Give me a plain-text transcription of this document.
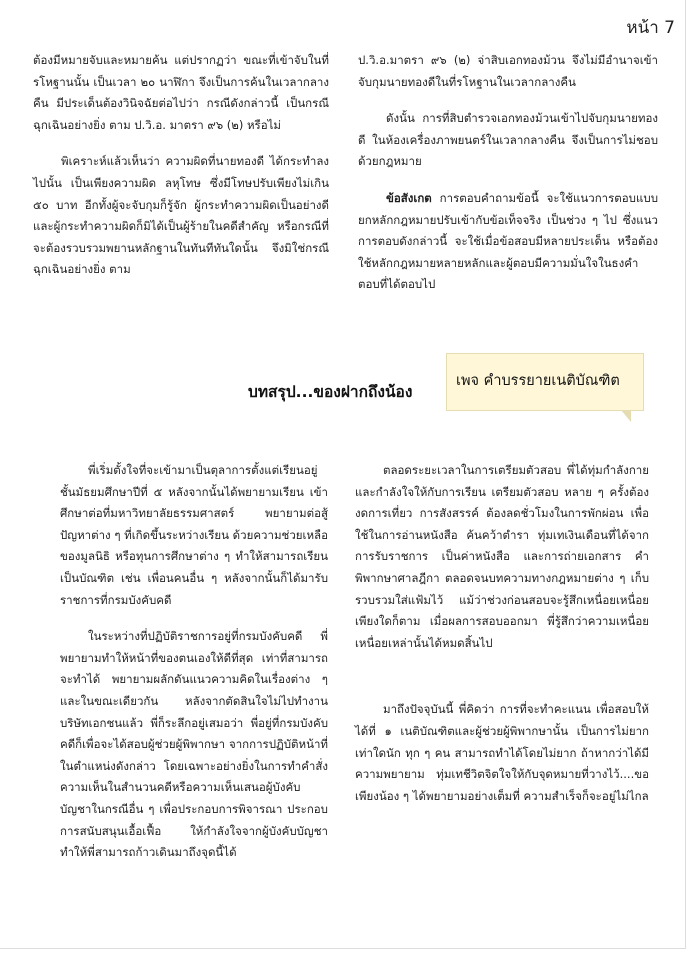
หน้า 7

ต้องมีหมายจับและหมายค้น แต่ปรากฏว่า ขณะที่เข้าจับในที่รโหฐานนั้น เป็นเวลา ๒๐ นาฬิกา จึงเป็นการค้นในเวลากลางคืน มีประเด็นต้องวินิจฉัยต่อไปว่า กรณีดังกล่าวนี้ เป็นกรณีฉุกเฉินอย่างยิ่ง ตาม ป.วิ.อ. มาตรา ๙๖ (๒) หรือไม่

พิเคราะห์แล้วเห็นว่า ความผิดที่นายทองดี ได้กระทำลงไปนั้น เป็นเพียงความผิด ลหุโทษ ซึ่งมีโทษปรับเพียงไม่เกิน ๕๐ บาท อีกทั้งผู้จะจับกุมก็รู้จัก ผู้กระทำความผิดเป็นอย่างดี และผู้กระทำความผิดก็มิได้เป็นผู้ร้ายในคดีสำคัญ หรือกรณีที่จะต้องรวบรวมพยานหลักฐานในทันทีทันใดนั้น จึงมิใช่กรณีฉุกเฉินอย่างยิ่ง ตาม

ป.วิ.อ.มาตรา ๙๖ (๒) จ่าสิบเอกทองม้วน จึงไม่มีอำนาจเข้าจับกุมนายทองดีในที่รโหฐานในเวลากลางคืน

ดังนั้น การที่สิบตำรวจเอกทองม้วนเข้าไปจับกุมนายทองดี ในห้องเครื่องภาพยนตร์ในเวลากลางคืน จึงเป็นการไม่ชอบด้วยกฎหมาย

ข้อสังเกต การตอบคำถามข้อนี้ จะใช้แนวการตอบแบบยกหลักกฎหมายปรับเข้ากับข้อเท็จจริง เป็นช่วง ๆ ไป ซึ่งแนวการตอบดังกล่าวนี้ จะใช้เมื่อข้อสอบมีหลายประเด็น หรือต้องใช้หลักกฎหมายหลายหลักและผู้ตอบมีความมั่นใจในธงคำตอบที่ได้ตอบไป

บทสรุป...ของฝากถึงน้อง
เพจ คำบรรยายเนติบัณฑิต

พี่เริ่มตั้งใจที่จะเข้ามาเป็นตุลาการตั้งแต่เรียนอยู่ชั้นมัธยมศึกษาปีที่ ๕ หลังจากนั้นได้พยายามเรียน เข้าศึกษาต่อที่มหาวิทยาลัยธรรมศาสตร์ พยายามต่อสู้ปัญหาต่าง ๆ ที่เกิดขึ้นระหว่างเรียน ด้วยความช่วยเหลือของมูลนิธิ หรือทุนการศึกษาต่าง ๆ ทำให้สามารถเรียนเป็นบัณฑิต เช่น เพื่อนคนอื่น ๆ หลังจากนั้นก็ได้มารับราชการที่กรมบังคับคดี

ในระหว่างที่ปฏิบัติราชการอยู่ที่กรมบังคับคดี พี่พยายามทำให้หน้าที่ของตนเองให้ดีที่สุด เท่าที่สามารถจะทำได้ พยายามผลักดันแนวความคิดในเรื่องต่าง ๆ และในขณะเดียวกัน หลังจากตัดสินใจไม่ไปทำงานบริษัทเอกชนแล้ว พี่ก็ระลึกอยู่เสมอว่า พี่อยู่ที่กรมบังคับคดีก็เพื่อจะได้สอบผู้ช่วยผู้พิพากษา จากการปฏิบัติหน้าที่ในตำแหน่งดังกล่าว โดยเฉพาะอย่างยิ่งในการทำคำสั่งความเห็นในสำนวนคดีหรือความเห็นเสนอผู้บังคับบัญชาในกรณีอื่น ๆ เพื่อประกอบการพิจารณา ประกอบการสนับสนุนเอื้อเฟื้อ ให้กำลังใจจากผู้บังคับบัญชา ทำให้พี่สามารถก้าวเดินมาถึงจุดนี้ได้

ตลอดระยะเวลาในการเตรียมตัวสอบ พี่ได้ทุ่มกำลังกายและกำลังใจให้กับการเรียน เตรียมตัวสอบ หลาย ๆ ครั้งต้องงดการเที่ยว การสังสรรค์ ต้องลดชั่วโมงในการพักผ่อน เพื่อใช้ในการอ่านหนังสือ ค้นคว้าตำรา ทุ่มเทเงินเดือนที่ได้จากการรับราชการ เป็นค่าหนังสือ และการถ่ายเอกสาร คำพิพากษาศาลฎีกา ตลอดจนบทความทางกฎหมายต่าง ๆ เก็บรวบรวมใส่แฟ้มไว้ แม้ว่าช่วงก่อนสอบจะรู้สึกเหนื่อยเหนื่อยเพียงใดก็ตาม เมื่อผลการสอบออกมา พี่รู้สึกว่าความเหนื่อยเหนื่อยเหล่านั้นได้หมดสิ้นไป

มาถึงปัจจุบันนี้ พี่คิดว่า การที่จะทำคะแนน เพื่อสอบให้ได้ที่ ๑ เนติบัณฑิตและผู้ช่วยผู้พิพากษานั้น เป็นการไม่ยากเท่าใดนัก ทุก ๆ คน สามารถทำได้โดยไม่ยาก ถ้าหากว่าได้มีความพยายาม ทุ่มเทชีวิตจิตใจให้กับจุดหมายที่วางไว้....ขอเพียงน้อง ๆ ได้พยายามอย่างเต็มที่ ความสำเร็จก็จะอยู่ไม่ไกล
